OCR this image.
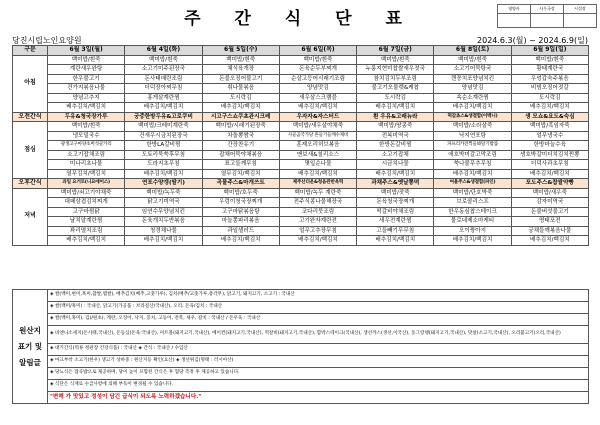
주 간 식 단 표
영양사	사무국장	시설장

당진시립노인요양원	2024.6.3(월) ~ 2024.6.9(일)
구분	6월 3일(월)	6월 4일(화)	6월 5일(수)	6월 6일(목)	6월 7일(금)	6월 8일(토)	6월 9일(일)
아침	백미밥/흰죽	백미밥/흰죽	백미밥/흰죽	백미밥/흰죽	백미밥/흰죽	백미밥/흰죽	백미밥/흰죽
	계란새우완탕	소고기미주된장국	채식육개장	돈육순두부찌개	누룽지현미찹쌀새우젓국	소고기어묵탕국	황태계란국
	한우불고기	돈사태매란조림	돈불오징어불고기	순살고등어시래기조림	참치김치두부조림	깬꽁치포양념치킨	우엉갑숙주볶음
	건가지볶음나물	더덕장아찌무침	취나물볶음	양념맛김	불고기오물렛&케찹	양념맛김	비빔오징어젓갈
	양념고추지	홍게살계란찜	도시락김	새우살스크램블	도시락김	속순소계란찜	도시락김
	배추김치/백김치	배추김치/백김치	배추김치/백김치	배추김치/백김치	배추김치/백김치	배추김치/백김치	배추김치/백김치
오전간식	두유&청국장가루	궁중한방두유&고로쿠비	시고구스쇼쿠초관시크레	우자자&자스터드	흰 우유&고래뉴라	떡갈쵸스&생결합(이백니)	생 모쇼&요도&숙심
점심	백미밥/흰죽	백미밥/크레미계란죽	백미밥/시래기된장죽	백미밥/새우살야채죽	백미밥/땅콩죽	백미밥/소라살죽	백미밥/흑임자죽
	냉모밀국수	건새우시금치된장국	차돌뽕짬국	사골곰국가당 흔들기들깨수제비	전복미역국	낙지연포탕	얼무냉국수
	광생고구마양초버섯골카리	한방LA갈비찜	간장찬유기	훈제오리허브볶음	한방돈갈비찜	파프리카전찍들봐달기밥롤	한방마늘수육
	소고기잡채조림	도토리묵쑥후무침	잡채어묵야채볶음	맨보새&칠리소스	소고기잡채	애호박미갈고막조림	생호박갈미더치김치찐뽕
	미나리초나물	도라지초무침	표고들깨무침	몇잎순나물	시금치나물	쑥나물무추무침	더덕사과초무침
	열무김치/백김치	배추김치/백김치	열무김치/백김치	배추김치/백김치	배추김치/백김치	배추김치/백김치	배추김치/백김치
오후간식	과일 요거트(니요에어스)	연포수양갱(딸기)	곡물주스&마개쓰트	제주산더운&청음관반옥떡	과채주스&옛날뽕떡	여울주스&생결합(파인)	포도주스&찹쌀약빵
저녁	백미밥/쇠고기야채죽	백미밥/녹두죽	백미밥/호두죽	백미밥/녹두 계란죽	백미밥/잣죽	백미밥/단호박죽	백미밥/새우죽
	대패삼겹김치찌개	닭고기미역국	우렁이청국장찌개	전주식콩나물해장국	돈육청국장찌개	브로콜리스프	감자미역국
	고구마찜닭	임연수무양념치킨	고구마닭볶음탕	코다리뭇조림	떡갈비야채조림	한우동심찹스테이크	돈불버섯불고기
	날치알계란찜	돈육개치두반볶음	마늘쫑파리볶음	고기완자계란전	새우전계란찜	물로네제소마게티	명태포전
	꽈리멸치조림	청경채나물	과일샐러드	얼무고추장무침	고들빼기무무침	오이짱아지	궁채들깨볶음나물
	배추김치/백김치	배추김치/백김치	배추김치/백김치	배추김치/백김치	배추김치/백김치	배추김치/백김치	배추김치/백김치
원산지 표기 및 알림글	◈ 쌀(백미,현미,흑미,찹쌀,멥쌀), 배추김치(배추,고춧가루), 김치(배추/고춧가루,총각무), 닭고기, 돼지고기, 소고기 : 국내산
◈ 쌀(백미/흑미) : 국내산, 닭고기(가공품 : 브라질산/국내산), 오리, 돈육/김치 : 국내산
◈ 쌀(백미,혹미), 김(/원초), 계란, 오징어, 낙지, 꽁치, 고등어, 전복, 새우, 갈치 : 국내산 / 돈우육 : 국내산
◈ 비엔나소세지(돈사태,국내산), 돈등심(돈육:국내산), 미트볼(돼지고기,국내산), 베이컨(돼지고기,국내산), 떡갈비(돼지고기,국내산), 함박스테이크(국내산), 생선까스(생선,이국산), 동그랑땡(돼지고기,국내산), 맛살(소고기,국내산), 오리불고기(오리,국내산)
◈ 대기간식(떡류 정관장 건강식품) : 국내산 ◈ 간식 : 국내산 / 수입산
◈ 마크부착 소고기(한우) 생고기 상하중 : 원산지등 확인(요산) ◈ 생선튀김(명태 : 러시아산)
◈ 당뇨식은 잡곡밥으로 제공하며, 당이 높이 포함된 간식은 후 혈당 측정 후 제공하고 있습니다.
◈ 식단은 식재료 수급사항에 의해 부득이 변경될 수 있습니다.
"변해 가 맛있고 정성이 담긴 급식이 되도록 노력하겠습니다."
